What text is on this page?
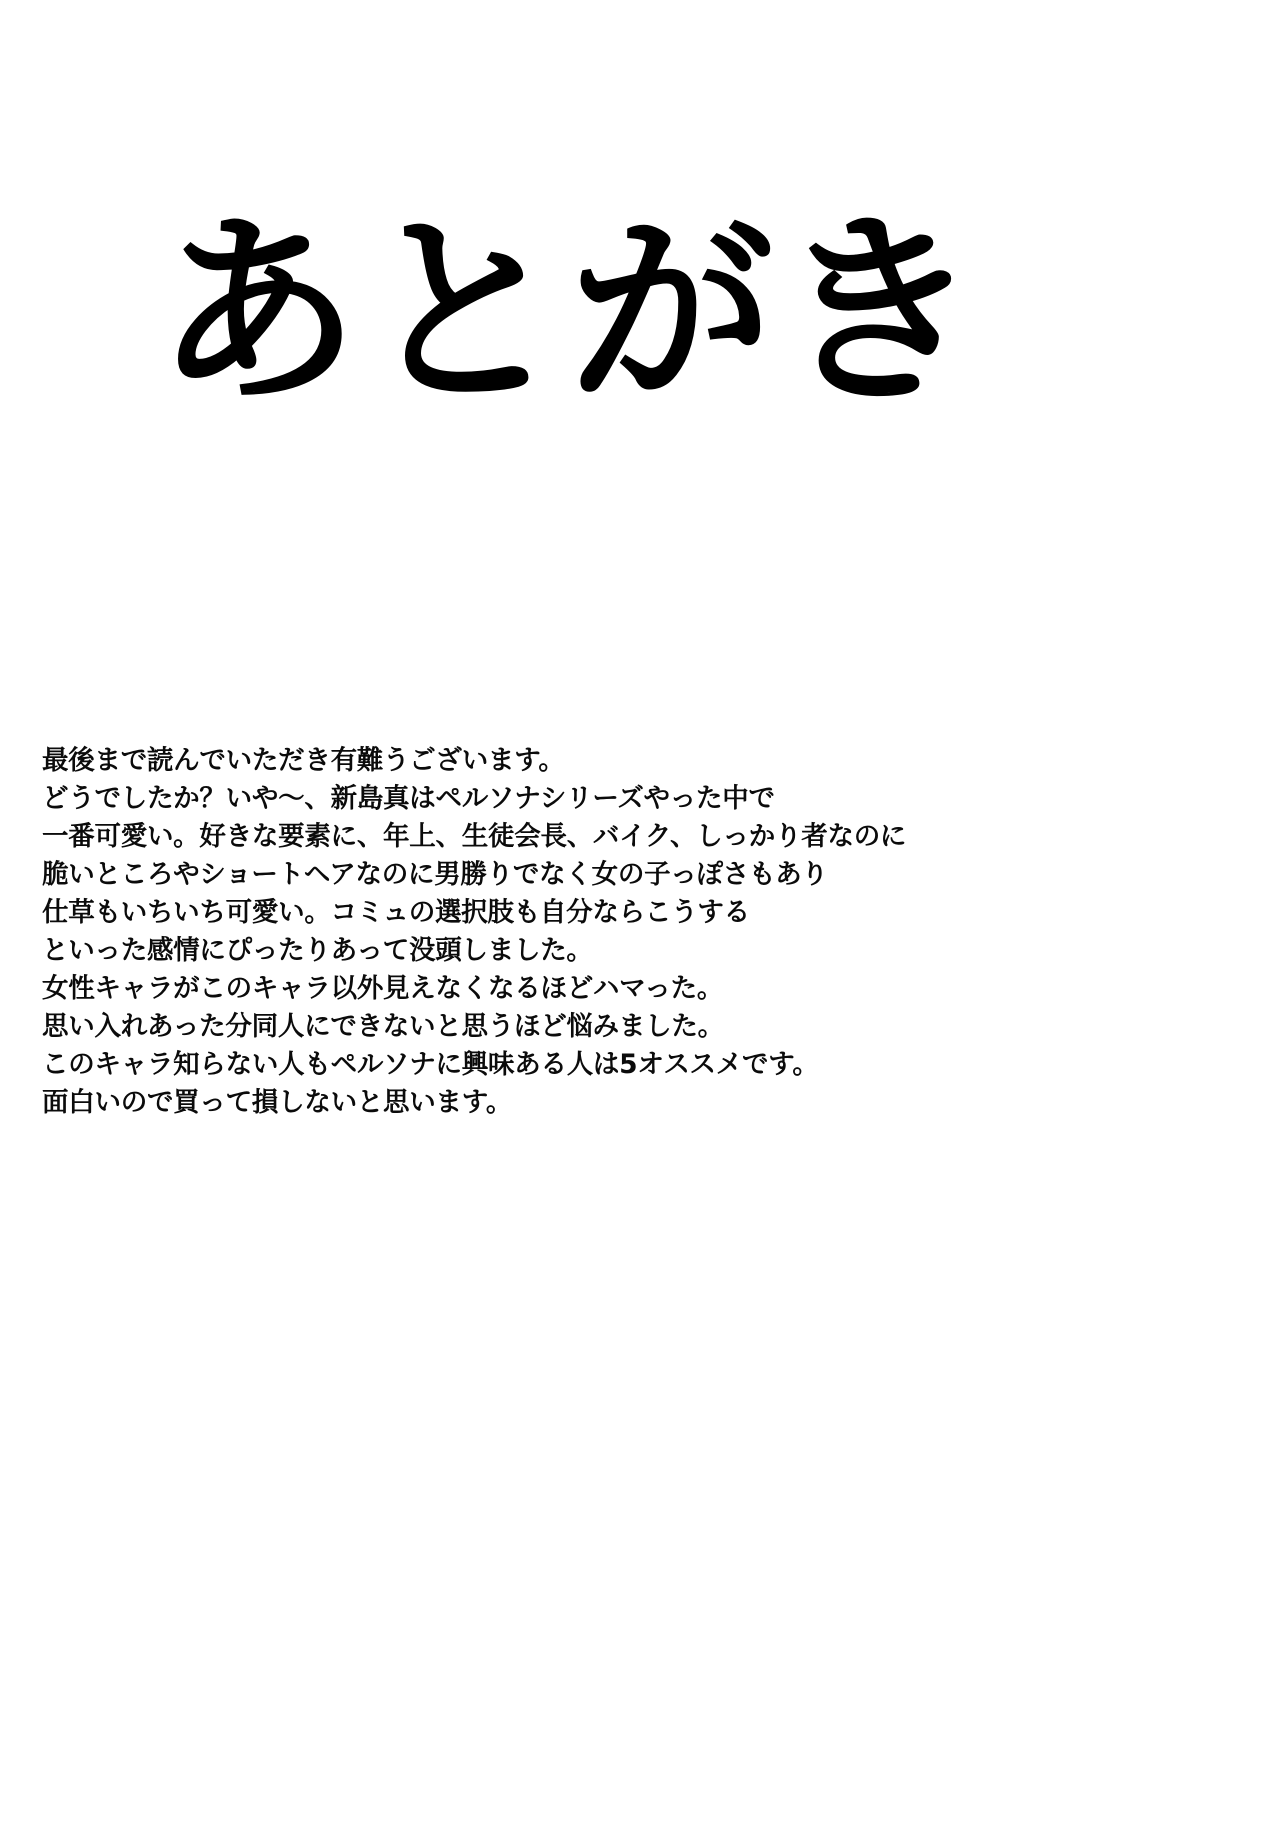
あとがき
最後まで読んでいただき有難うございます。
どうでしたか？いや〜、新島真はペルソナシリーズやった中で
一番可愛い。好きな要素に、年上、生徒会長、バイク、しっかり者なのに
脆いところやショートヘアなのに男勝りでなく女の子っぽさもあり
仕草もいちいち可愛い。コミュの選択肢も自分ならこうする
といった感情にぴったりあって没頭しました。
女性キャラがこのキャラ以外見えなくなるほどハマった。
思い入れあった分同人にできないと思うほど悩みました。
このキャラ知らない人もペルソナに興味ある人は5オススメです。
面白いので買って損しないと思います。
